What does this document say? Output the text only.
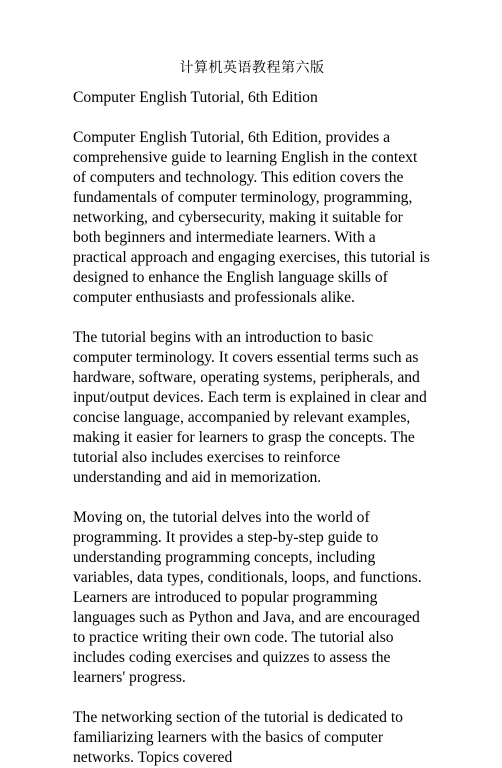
计算机英语教程第六版
Computer English Tutorial, 6th Edition

Computer English Tutorial, 6th Edition, provides a comprehensive guide to learning English in the context of computers and technology. This edition covers the fundamentals of computer terminology, programming, networking, and cybersecurity, making it suitable for both beginners and intermediate learners. With a practical approach and engaging exercises, this tutorial is designed to enhance the English language skills of computer enthusiasts and professionals alike.

The tutorial begins with an introduction to basic computer terminology. It covers essential terms such as hardware, software, operating systems, peripherals, and input/output devices. Each term is explained in clear and concise language, accompanied by relevant examples, making it easier for learners to grasp the concepts. The tutorial also includes exercises to reinforce understanding and aid in memorization.

Moving on, the tutorial delves into the world of programming. It provides a step-by-step guide to understanding programming concepts, including variables, data types, conditionals, loops, and functions. Learners are introduced to popular programming languages such as Python and Java, and are encouraged to practice writing their own code. The tutorial also includes coding exercises and quizzes to assess the learners' progress.

The networking section of the tutorial is dedicated to familiarizing learners with the basics of computer networks. Topics covered
